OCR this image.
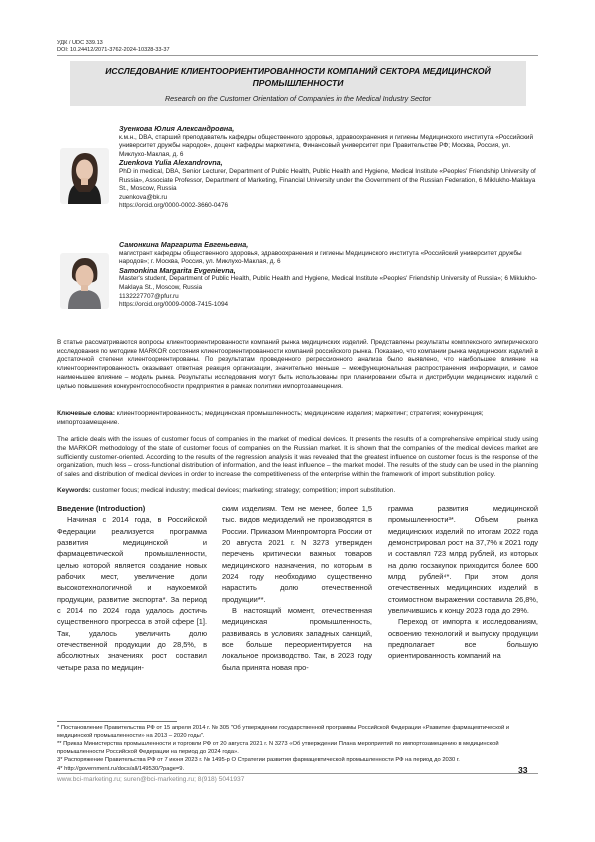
УДК / UDC 339.13
DOI: 10.24412/2071-3762-2024-10328-33-37
ИССЛЕДОВАНИЕ КЛИЕНТООРИЕНТИРОВАННОСТИ КОМПАНИЙ СЕКТОРА МЕДИЦИНСКОЙ ПРОМЫШЛЕННОСТИ
Research on the Customer Orientation of Companies in the Medical Industry Sector
Зуенкова Юлия Александровна,
к.м.н., DBA, старший преподаватель кафедры общественного здоровья, здравоохранения и гигиены Медицинского института «Российский университет дружбы народов», доцент кафедры маркетинга, Финансовый университет при Правительстве РФ; Москва, Россия, ул. Миклухо-Маклая, д. 6
Zuenkova Yulia Alexandrovna,
PhD in medical, DBA, Senior Lecturer, Department of Public Health, Public Health and Hygiene, Medical Institute «Peoples' Friendship University of Russia», Associate Professor, Department of Marketing, Financial University under the Government of the Russian Federation, 6 Miklukho-Maklaya St., Moscow, Russia
zuenkova@bk.ru
https://orcid.org/0000-0002-3660-0476
Самонкина Маргарита Евгеньевна,
магистрант кафедры общественного здоровья, здравоохранения и гигиены Медицинского института «Российский университет дружбы народов»; г. Москва, Россия, ул. Миклухо-Маклая, д. 6
Samonkina Margarita Evgenievna,
Master's student, Department of Public Health, Public Health and Hygiene, Medical Institute «Peoples' Friendship University of Russia»; 6 Miklukho-Maklaya St., Moscow, Russia
1132227707@pfur.ru
https://orcid.org/0009-0008-7415-1094
В статье рассматриваются вопросы клиентоориентированности компаний рынка медицинских изделий. Представлены результаты комплексного эмпирического исследования по методике MARKOR состояния клиентоориентированности компаний российского рынка. Показано, что компании рынка медицинских изделий в достаточной степени клиентоориентированы. По результатам проведенного регрессионного анализа было выявлено, что наибольшее влияние на клиентоориентированность оказывает ответная реакция организации, значительно меньше – межфункциональная распространения информации, и самое наименьшее влияние – модель рынка. Результаты исследования могут быть использованы при планировании сбыта и дистрибуции медицинских изделий с целью повышения конкурентоспособности предприятия в рамках политики импортозамещения.
Ключевые слова: клиентоориентированность; медицинская промышленность; медицинские изделия; маркетинг; стратегия; конкуренция; импортозамещение.
The article deals with the issues of customer focus of companies in the market of medical devices. It presents the results of a comprehensive empirical study using the MARKOR methodology of the state of customer focus of companies on the Russian market. It is shown that the companies of the medical devices market are sufficiently customer-oriented. According to the results of the regression analysis it was revealed that the greatest influence on customer focus is the response of the organization, much less – cross-functional distribution of information, and the least influence – the market model. The results of the study can be used in the planning of sales and distribution of medical devices in order to increase the competitiveness of the enterprise within the framework of import substitution policy.
Keywords: customer focus; medical industry; medical devices; marketing; strategy; competition; import substitution.
Введение (Introduction)

Начиная с 2014 года, в Российской Федерации реализуется программа развития медицинской и фармацевтической промышленности, целью которой является создание новых рабочих мест, увеличение доли высокотехнологичной и наукоемкой продукции, развитие экспорта*. За период с 2014 по 2024 года удалось достичь существенного прогресса в этой сфере [1]. Так, удалось увеличить долю отечественной продукции до 28,5%, в абсолютных значениях рост составил четыре раза по медицин-

ским изделиям. Тем не менее, более 1,5 тыс. видов медизделий не производятся в России. Приказом Минпромторга России от 20 августа 2021 г. N 3273 утвержден перечень критически важных товаров медицинского назначения, по которым в 2024 году необходимо существенно нарастить долю отечественной продукции**.

В настоящий момент, отечественная медицинская промышленность, развиваясь в условиях западных санкций, все больше переориентируется на локальное производство. Так, в 2023 году была принята новая про-

грамма развития медицинской промышленности³*. Объем рынка медицинских изделий по итогам 2022 года демонстрировал рост на 37,7% к 2021 году и составлял 723 млрд рублей, из которых на долю госзакупок приходится более 600 млрд рублей⁴*. При этом доля отечественных медицинских изделий в стоимостном выражении составила 26,8%, увеличившись к концу 2023 года до 29%.

Переход от импорта к исследованиям, освоению технологий и выпуску продукции предполагает все большую ориентированность компаний на

* Постановление Правительства РФ от 15 апреля 2014 г. № 305 "Об утверждении государственной программы Российской Федерации «Развитие фармацевтической и медицинской промышленности» на 2013 – 2020 годы".
** Приказ Министерства промышленности и торговли РФ от 20 августа 2021 г. N 3273 «Об утверждении Плана мероприятий по импортозамещению в медицинской промышленности Российской Федерации на период до 2024 года».
3* Распоряжение Правительства РФ от 7 июня 2023 г. № 1495-р О Стратегии развития фармацевтической промышленности РФ на период до 2030 г.
4* http://government.ru/docs/all/149530/?page=9.
www.bci-marketing.ru; suren@bci-marketing.ru; 8(918) 5041937
33
